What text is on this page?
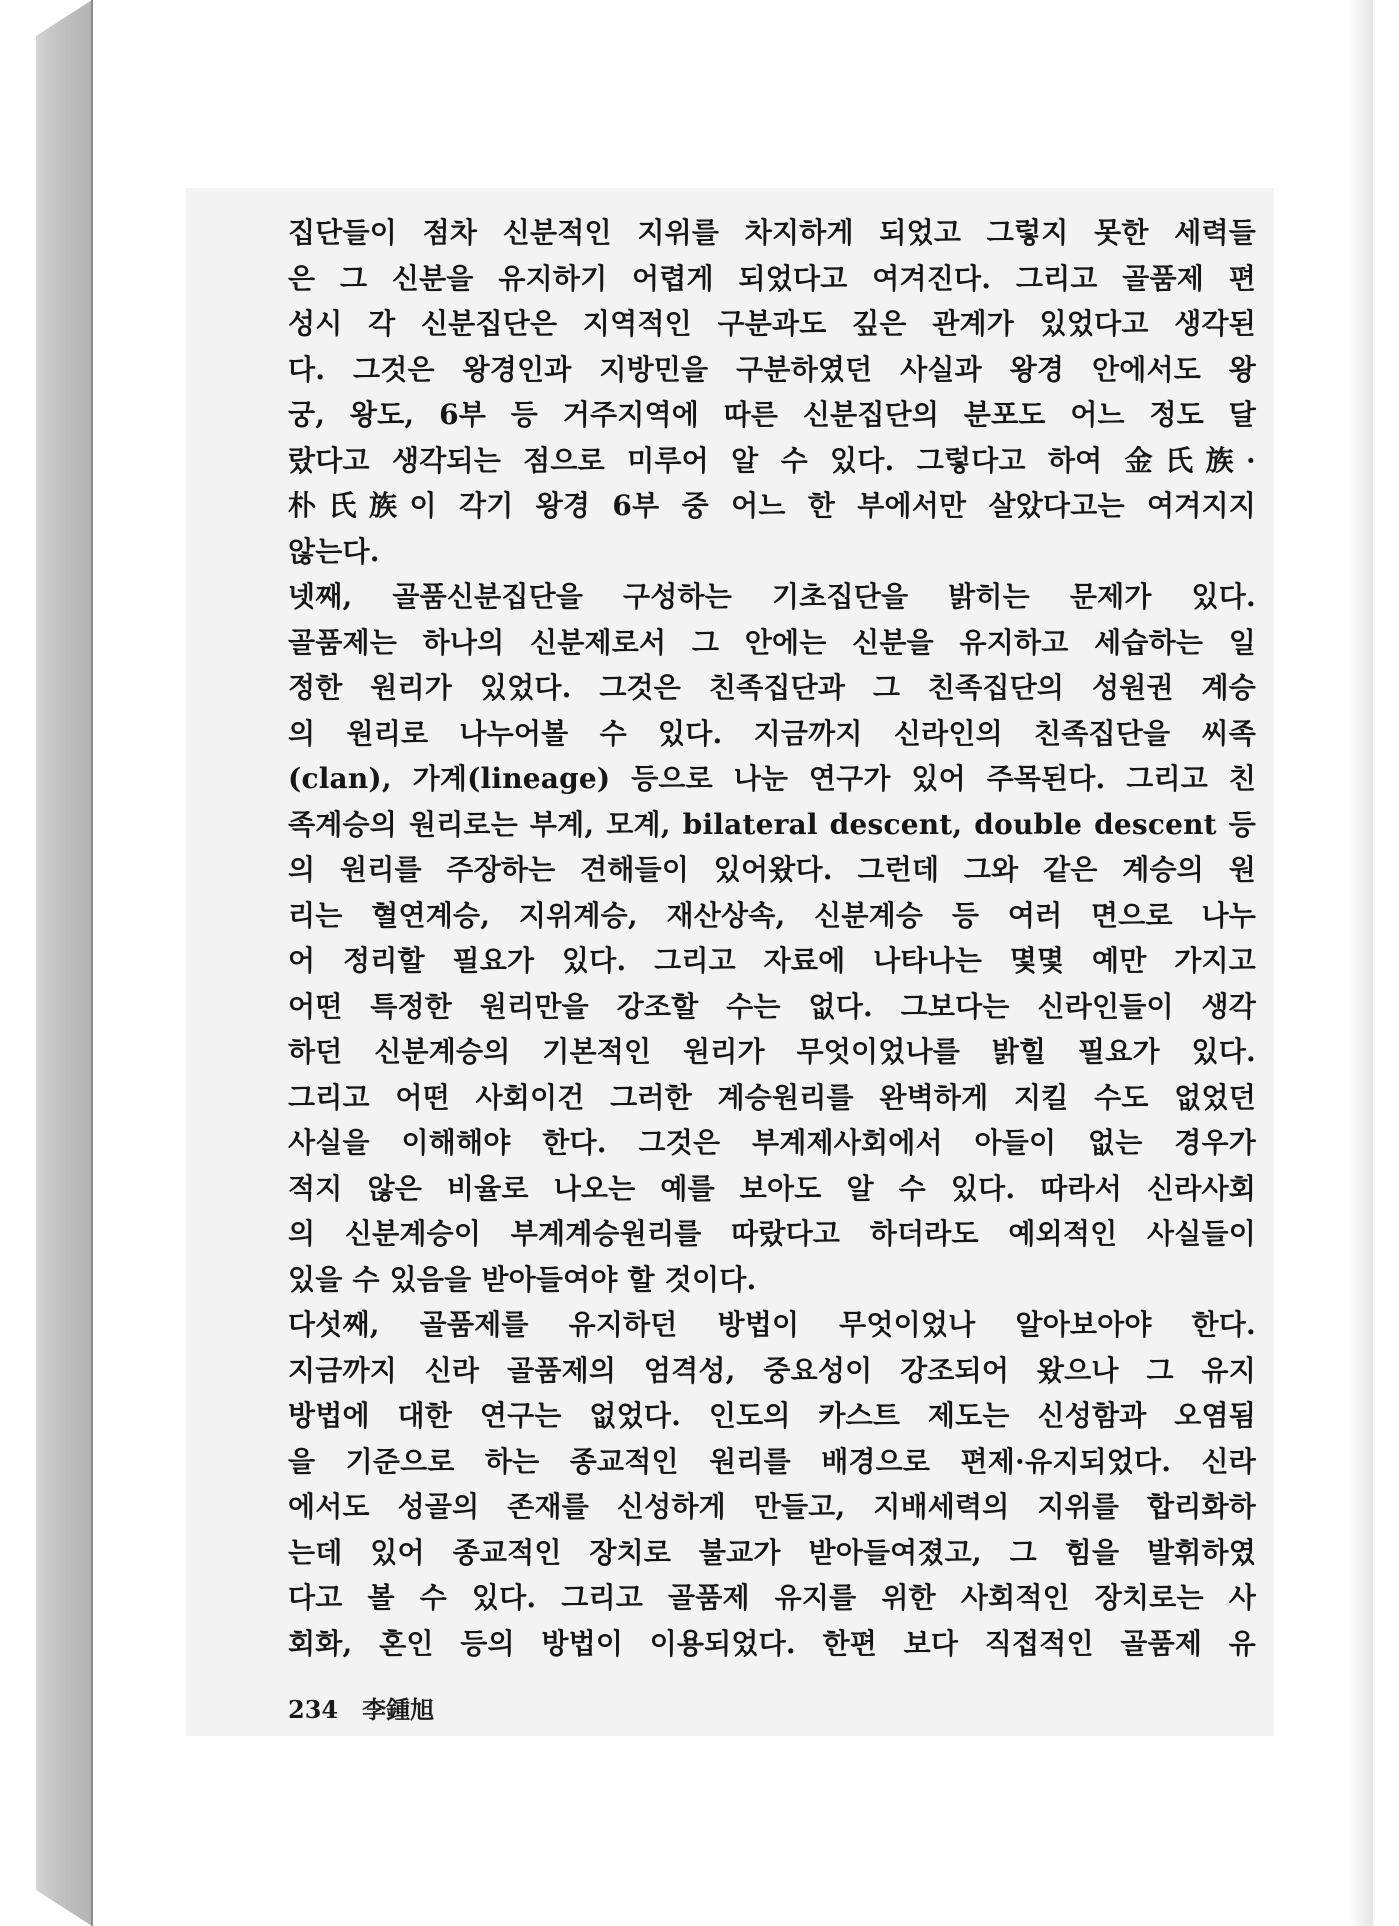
집단들이 점차 신분적인 지위를 차지하게 되었고 그렇지 못한 세력들
은 그 신분을 유지하기 어렵게 되었다고 여겨진다. 그리고 골품제 편
성시 각 신분집단은 지역적인 구분과도 깊은 관계가 있었다고 생각된
다. 그것은 왕경인과 지방민을 구분하였던 사실과 왕경 안에서도 왕
궁, 왕도, 6부 등 거주지역에 따른 신분집단의 분포도 어느 정도 달
랐다고 생각되는 점으로 미루어 알 수 있다. 그렇다고 하여 金氏族·
朴氏族이 각기 왕경 6부 중 어느 한 부에서만 살았다고는 여겨지지
않는다.
넷째, 골품신분집단을 구성하는 기초집단을 밝히는 문제가 있다.
골품제는 하나의 신분제로서 그 안에는 신분을 유지하고 세습하는 일
정한 원리가 있었다. 그것은 친족집단과 그 친족집단의 성원권 계승
의 원리로 나누어볼 수 있다. 지금까지 신라인의 친족집단을 씨족
(clan), 가계(lineage) 등으로 나눈 연구가 있어 주목된다. 그리고 친
족계승의 원리로는 부계, 모계, bilateral descent, double descent 등
의 원리를 주장하는 견해들이 있어왔다. 그런데 그와 같은 계승의 원
리는 혈연계승, 지위계승, 재산상속, 신분계승 등 여러 면으로 나누
어 정리할 필요가 있다. 그리고 자료에 나타나는 몇몇 예만 가지고
어떤 특정한 원리만을 강조할 수는 없다. 그보다는 신라인들이 생각
하던 신분계승의 기본적인 원리가 무엇이었나를 밝힐 필요가 있다.
그리고 어떤 사회이건 그러한 계승원리를 완벽하게 지킬 수도 없었던
사실을 이해해야 한다. 그것은 부계제사회에서 아들이 없는 경우가
적지 않은 비율로 나오는 예를 보아도 알 수 있다. 따라서 신라사회
의 신분계승이 부계계승원리를 따랐다고 하더라도 예외적인 사실들이
있을 수 있음을 받아들여야 할 것이다.
다섯째, 골품제를 유지하던 방법이 무엇이었나 알아보아야 한다.
지금까지 신라 골품제의 엄격성, 중요성이 강조되어 왔으나 그 유지
방법에 대한 연구는 없었다. 인도의 카스트 제도는 신성함과 오염됨
을 기준으로 하는 종교적인 원리를 배경으로 편제·유지되었다. 신라
에서도 성골의 존재를 신성하게 만들고, 지배세력의 지위를 합리화하
는데 있어 종교적인 장치로 불교가 받아들여졌고, 그 힘을 발휘하였
다고 볼 수 있다. 그리고 골품제 유지를 위한 사회적인 장치로는 사
회화, 혼인 등의 방법이 이용되었다. 한편 보다 직접적인 골품제 유
234 李鍾旭
